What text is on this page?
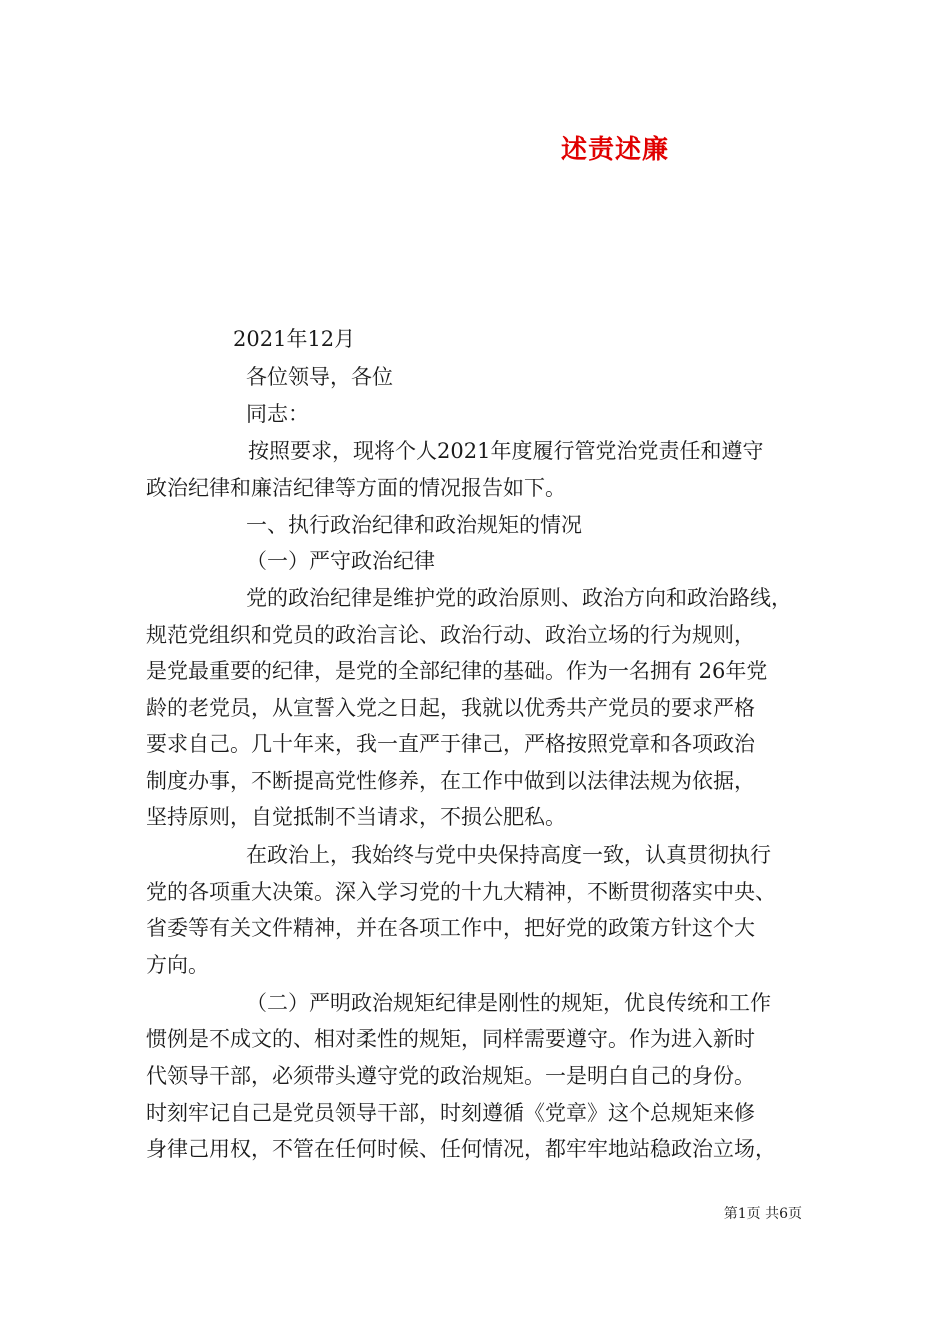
述责述廉
2021年12月
各位领导，各位
同志：
按照要求，现将个人2021年度履行管党治党责任和遵守
政治纪律和廉洁纪律等方面的情况报告如下。
一、执行政治纪律和政治规矩的情况
（一）严守政治纪律
党的政治纪律是维护党的政治原则、政治方向和政治路线，
规范党组织和党员的政治言论、政治行动、政治立场的行为规则，
是党最重要的纪律，是党的全部纪律的基础。作为一名拥有 26年党
龄的老党员，从宣誓入党之日起，我就以优秀共产党员的要求严格
要求自己。几十年来，我一直严于律己，严格按照党章和各项政治
制度办事，不断提高党性修养，在工作中做到以法律法规为依据，
坚持原则，自觉抵制不当请求，不损公肥私。
在政治上，我始终与党中央保持高度一致，认真贯彻执行
党的各项重大决策。深入学习党的十九大精神，不断贯彻落实中央、
省委等有关文件精神，并在各项工作中，把好党的政策方针这个大
方向。
（二）严明政治规矩纪律是刚性的规矩，优良传统和工作
惯例是不成文的、相对柔性的规矩，同样需要遵守。作为进入新时
代领导干部，必须带头遵守党的政治规矩。一是明白自己的身份。
时刻牢记自己是党员领导干部，时刻遵循《党章》这个总规矩来修
身律己用权，不管在任何时候、任何情况，都牢牢地站稳政治立场，
第1页 共6页
